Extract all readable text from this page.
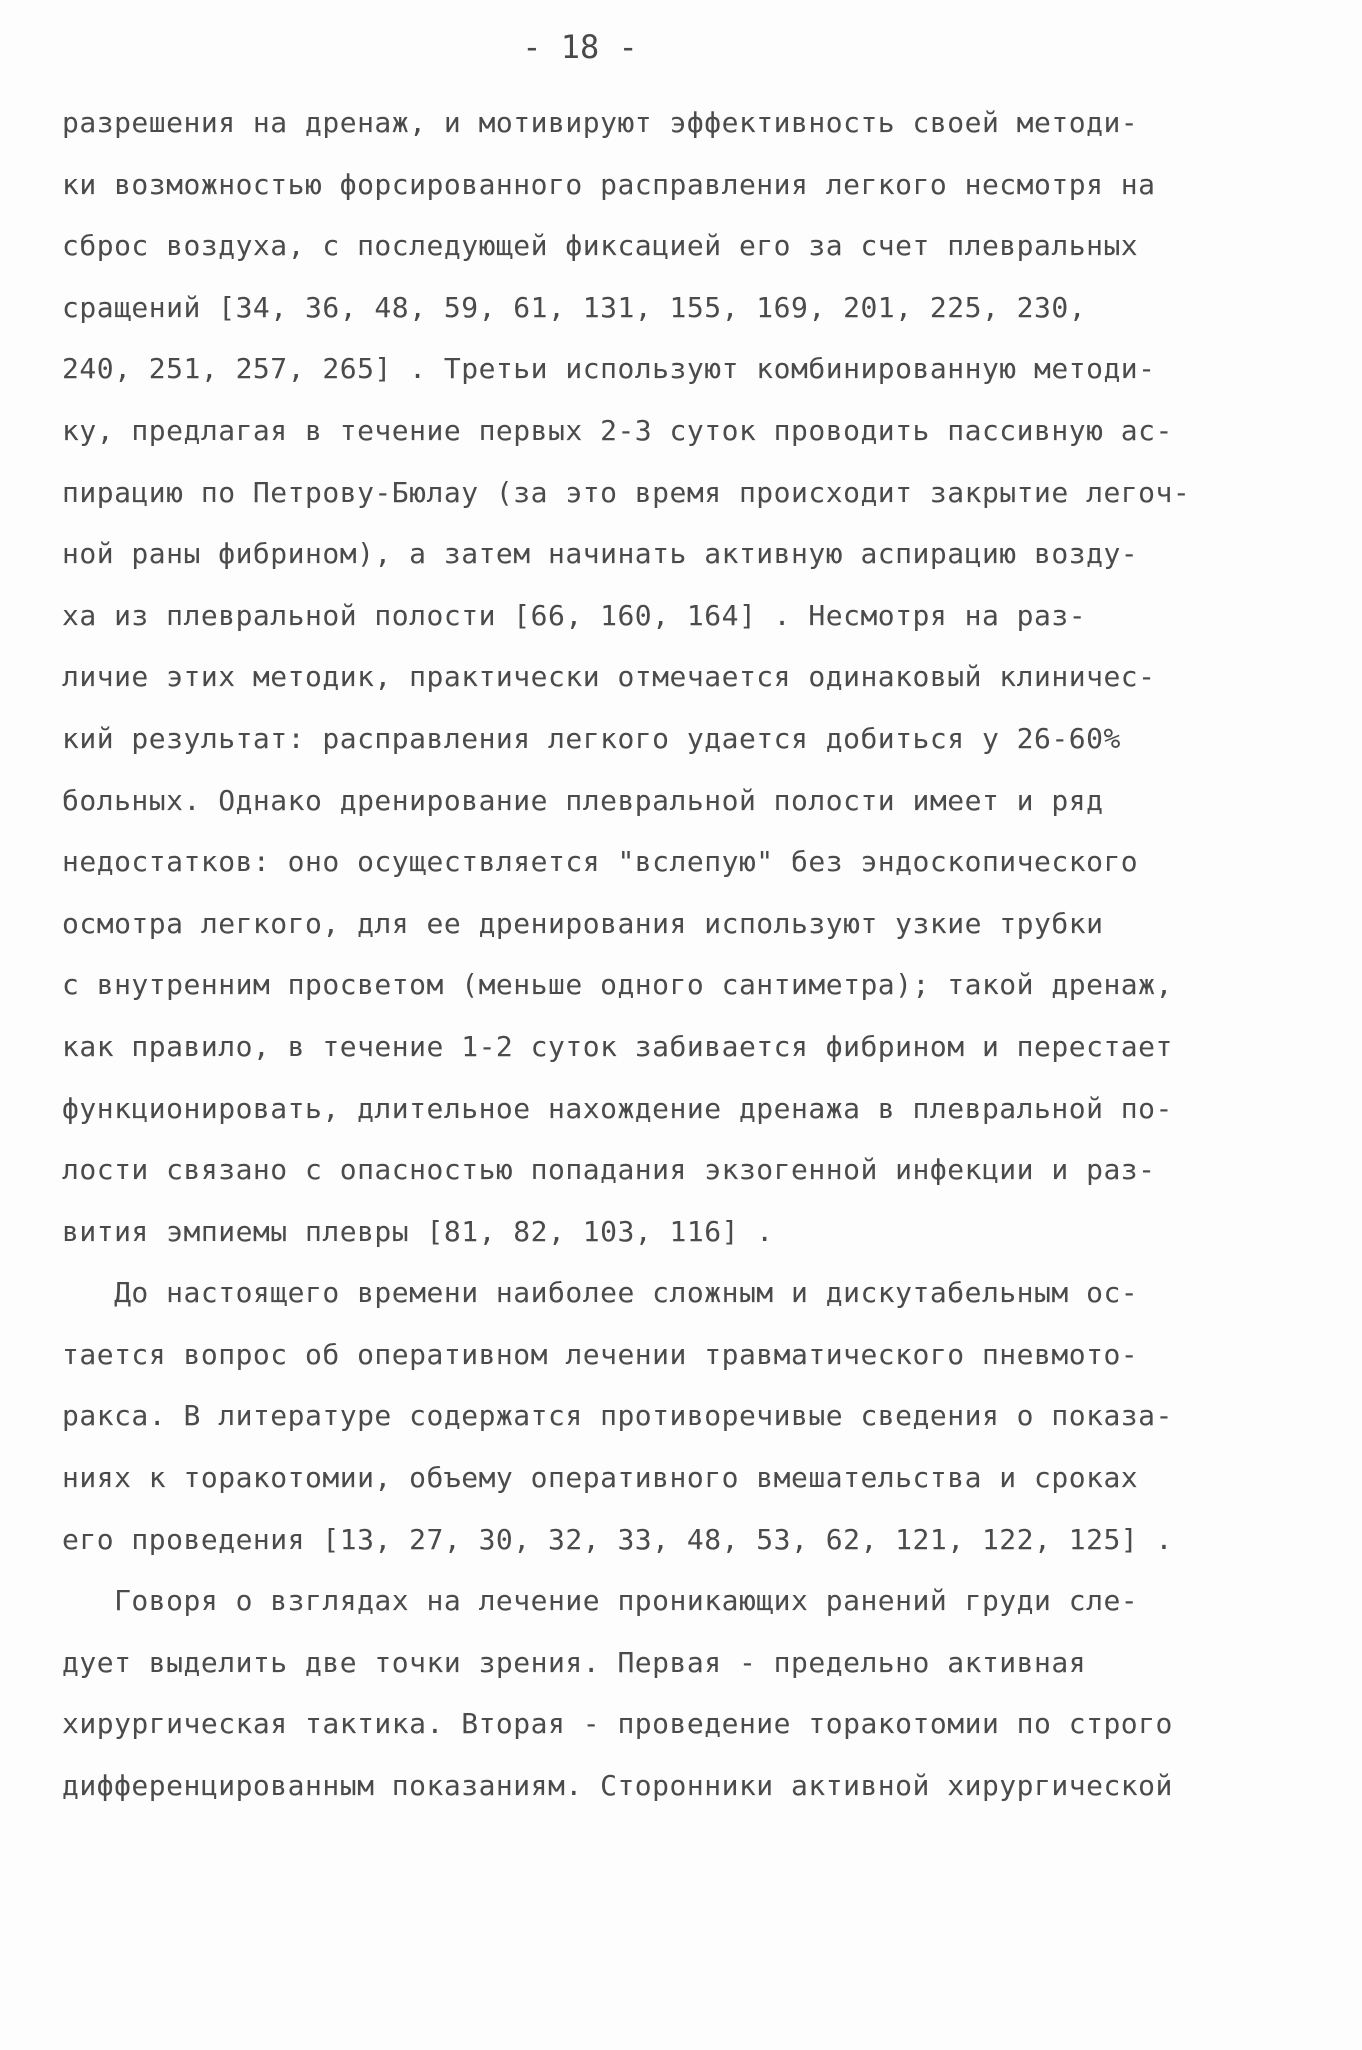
- 18 -
разрешения на дренаж, и мотивируют эффективность своей методи-
ки возможностью форсированного расправления легкого несмотря на
сброс воздуха, с последующей фиксацией его за счет плевральных
сращений [34, 36, 48, 59, 61, 131, 155, 169, 201, 225, 230,
240, 251, 257, 265] . Третьи используют комбинированную методи-
ку, предлагая в течение первых 2-3 суток проводить пассивную ас-
пирацию по Петрову-Бюлау (за это время происходит закрытие легоч-
ной раны фибрином), а затем начинать активную аспирацию возду-
ха из плевральной полости [66, 160, 164] . Несмотря на раз-
личие этих методик, практически отмечается одинаковый клиничес-
кий результат: расправления легкого удается добиться у 26-60%
больных. Однако дренирование плевральной полости имеет и ряд
недостатков: оно осуществляется "вслепую" без эндоскопического
осмотра легкого, для ее дренирования используют узкие трубки
с внутренним просветом (меньше одного сантиметра); такой дренаж,
как правило, в течение 1-2 суток забивается фибрином и перестает
функционировать, длительное нахождение дренажа в плевральной по-
лости связано с опасностью попадания экзогенной инфекции и раз-
вития эмпиемы плевры [81, 82, 103, 116] .
До настоящего времени наиболее сложным и дискутабельным ос-
тается вопрос об оперативном лечении травматического пневмото-
ракса. В литературе содержатся противоречивые сведения о показа-
ниях к торакотомии, объему оперативного вмешательства и сроках
его проведения [13, 27, 30, 32, 33, 48, 53, 62, 121, 122, 125] .
Говоря о взглядах на лечение проникающих ранений груди сле-
дует выделить две точки зрения. Первая - предельно активная
хирургическая тактика. Вторая - проведение торакотомии по строго
дифференцированным показаниям. Сторонники активной хирургической
